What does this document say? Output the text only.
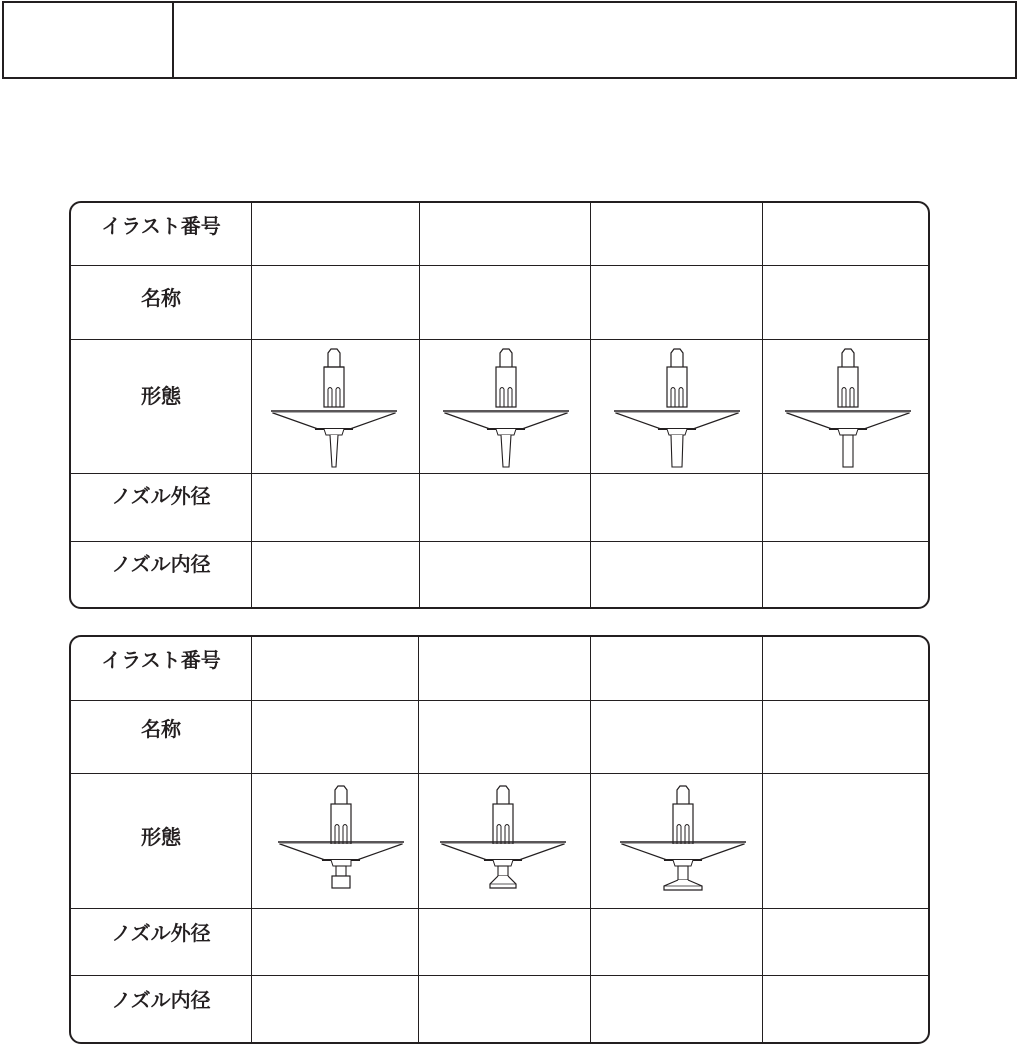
イラスト番号
名称
形態
ノズル外径
ノズル内径
イラスト番号
名称
形態
ノズル外径
ノズル内径
